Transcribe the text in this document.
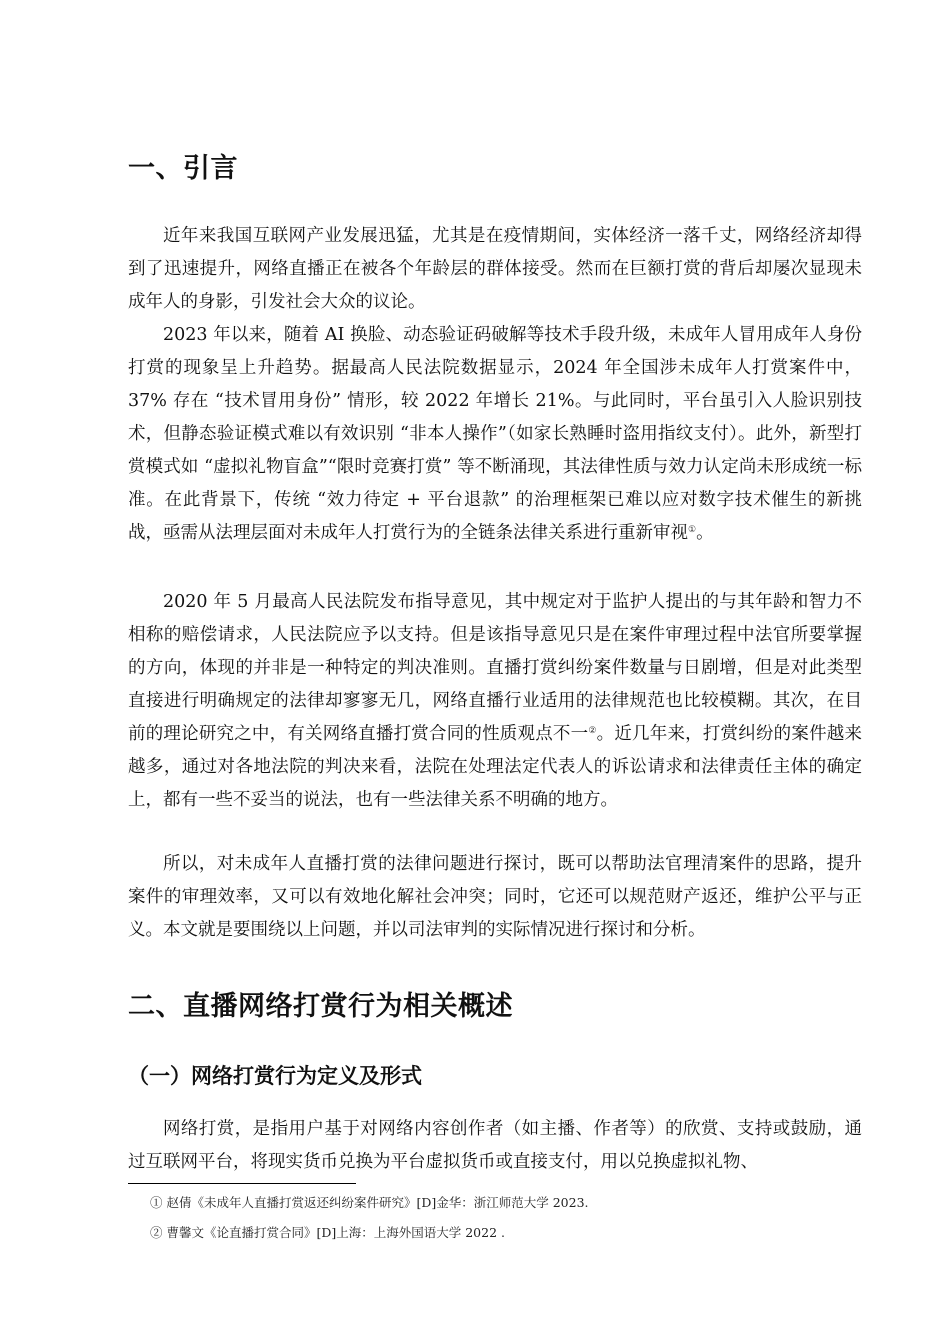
一、引言

近年来我国互联网产业发展迅猛，尤其是在疫情期间，实体经济一落千丈，网络经济却得到了迅速提升，网络直播正在被各个年龄层的群体接受。然而在巨额打赏的背后却屡次显现未成年人的身影，引发社会大众的议论。

2023 年以来，随着 AI 换脸、动态验证码破解等技术手段升级，未成年人冒用成年人身份打赏的现象呈上升趋势。据最高人民法院数据显示，2024 年全国涉未成年人打赏案件中，37% 存在 “技术冒用身份” 情形，较 2022 年增长 21%。与此同时，平台虽引入人脸识别技术，但静态验证模式难以有效识别 “非本人操作”（如家长熟睡时盗用指纹支付）。此外，新型打赏模式如 “虚拟礼物盲盒”“限时竞赛打赏” 等不断涌现，其法律性质与效力认定尚未形成统一标准。在此背景下，传统 “效力待定 + 平台退款” 的治理框架已难以应对数字技术催生的新挑战，亟需从法理层面对未成年人打赏行为的全链条法律关系进行重新审视①。

2020 年 5 月最高人民法院发布指导意见，其中规定对于监护人提出的与其年龄和智力不相称的赔偿请求，人民法院应予以支持。但是该指导意见只是在案件审理过程中法官所要掌握的方向，体现的并非是一种特定的判决准则。直播打赏纠纷案件数量与日剧增，但是对此类型直接进行明确规定的法律却寥寥无几，网络直播行业适用的法律规范也比较模糊。其次，在目前的理论研究之中，有关网络直播打赏合同的性质观点不一②。近几年来，打赏纠纷的案件越来越多，通过对各地法院的判决来看，法院在处理法定代表人的诉讼请求和法律责任主体的确定上，都有一些不妥当的说法，也有一些法律关系不明确的地方。

所以，对未成年人直播打赏的法律问题进行探讨，既可以帮助法官理清案件的思路，提升案件的审理效率，又可以有效地化解社会冲突；同时，它还可以规范财产返还，维护公平与正义。本文就是要围绕以上问题，并以司法审判的实际情况进行探讨和分析。

二、直播网络打赏行为相关概述
（一）网络打赏行为定义及形式

网络打赏，是指用户基于对网络内容创作者（如主播、作者等）的欣赏、支持或鼓励，通过互联网平台，将现实货币兑换为平台虚拟货币或直接支付，用以兑换虚拟礼物、

① 赵倩《未成年人直播打赏返还纠纷案件研究》[D]金华：浙江师范大学 2023.

② 曹馨文《论直播打赏合同》[D]上海：上海外国语大学 2022 .
